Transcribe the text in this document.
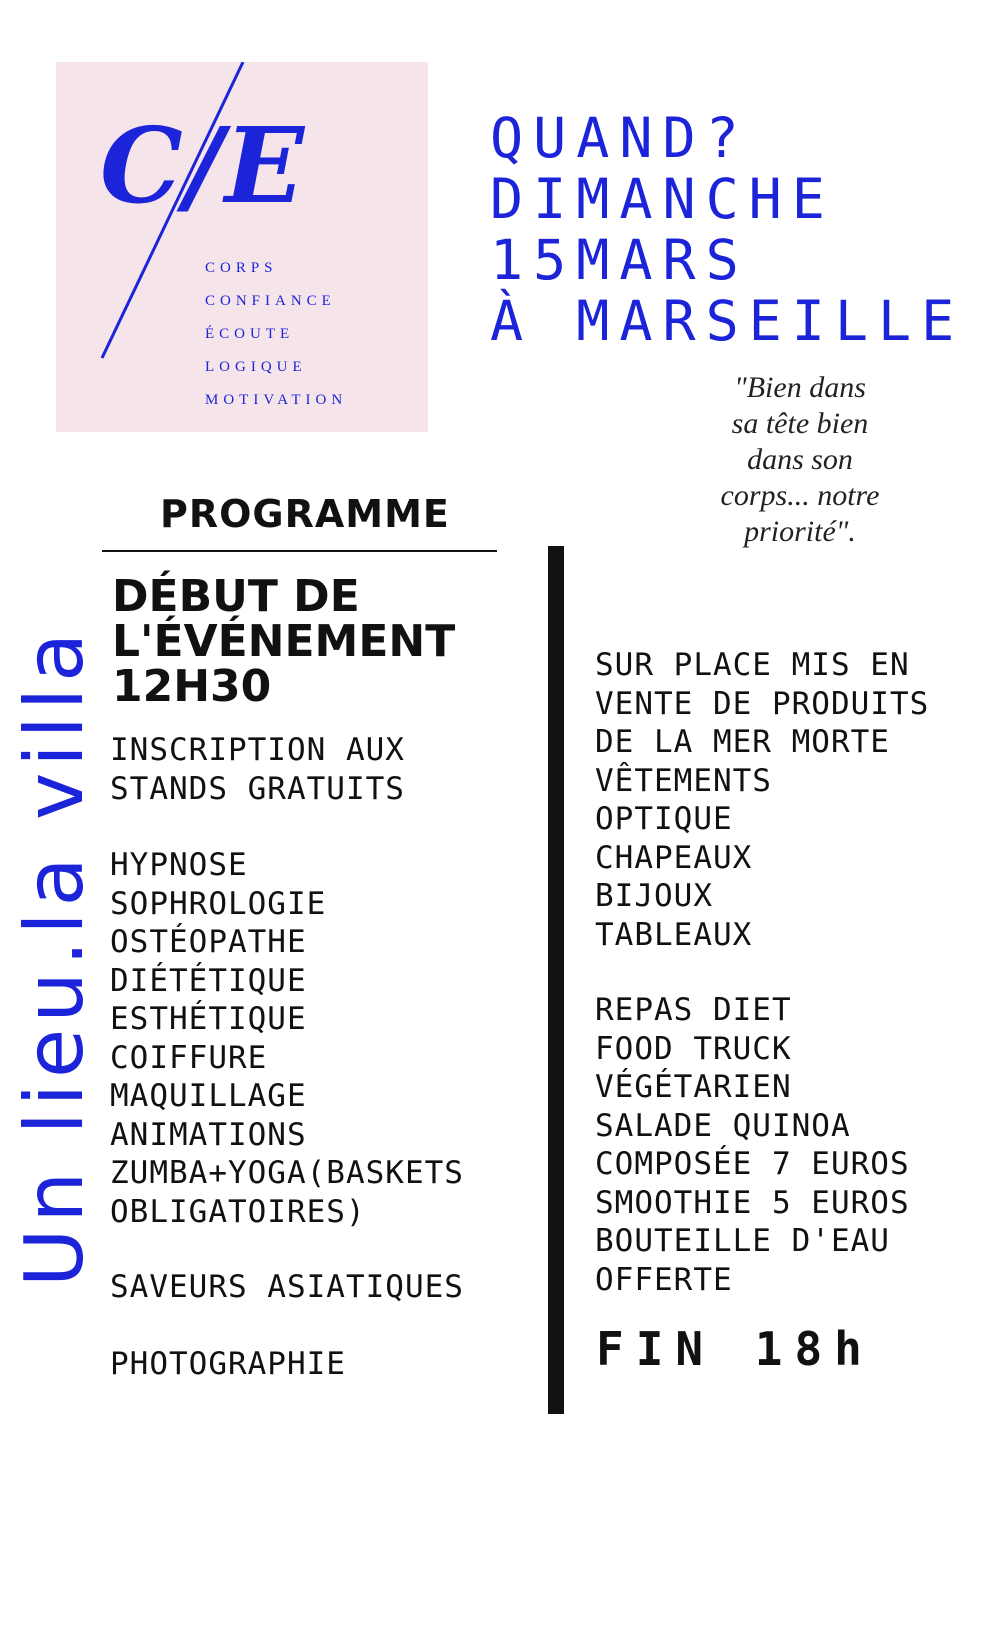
C/E
CORPS
CONFIANCE
ÉCOUTE
LOGIQUE
MOTIVATION
QUAND?
DIMANCHE
15MARS
À MARSEILLE
"Bien dans
sa tête bien
dans son
corps... notre
priorité".
Un lieu.la villa
PROGRAMME
DÉBUT DE
L'ÉVÉNEMENT
12H30
INSCRIPTION AUX
STANDS GRATUITS
HYPNOSE
SOPHROLOGIE
OSTÉOPATHE
DIÉTÉTIQUE
ESTHÉTIQUE
COIFFURE
MAQUILLAGE
ANIMATIONS
ZUMBA+YOGA(BASKETS
OBLIGATOIRES)
SAVEURS ASIATIQUES
PHOTOGRAPHIE
SUR PLACE MIS EN
VENTE DE PRODUITS
DE LA MER MORTE
VÊTEMENTS
OPTIQUE
CHAPEAUX
BIJOUX
TABLEAUX
REPAS DIET
FOOD TRUCK
VÉGÉTARIEN
SALADE QUINOA
COMPOSÉE 7 EUROS
SMOOTHIE 5 EUROS
BOUTEILLE D'EAU
OFFERTE
FIN 18h
